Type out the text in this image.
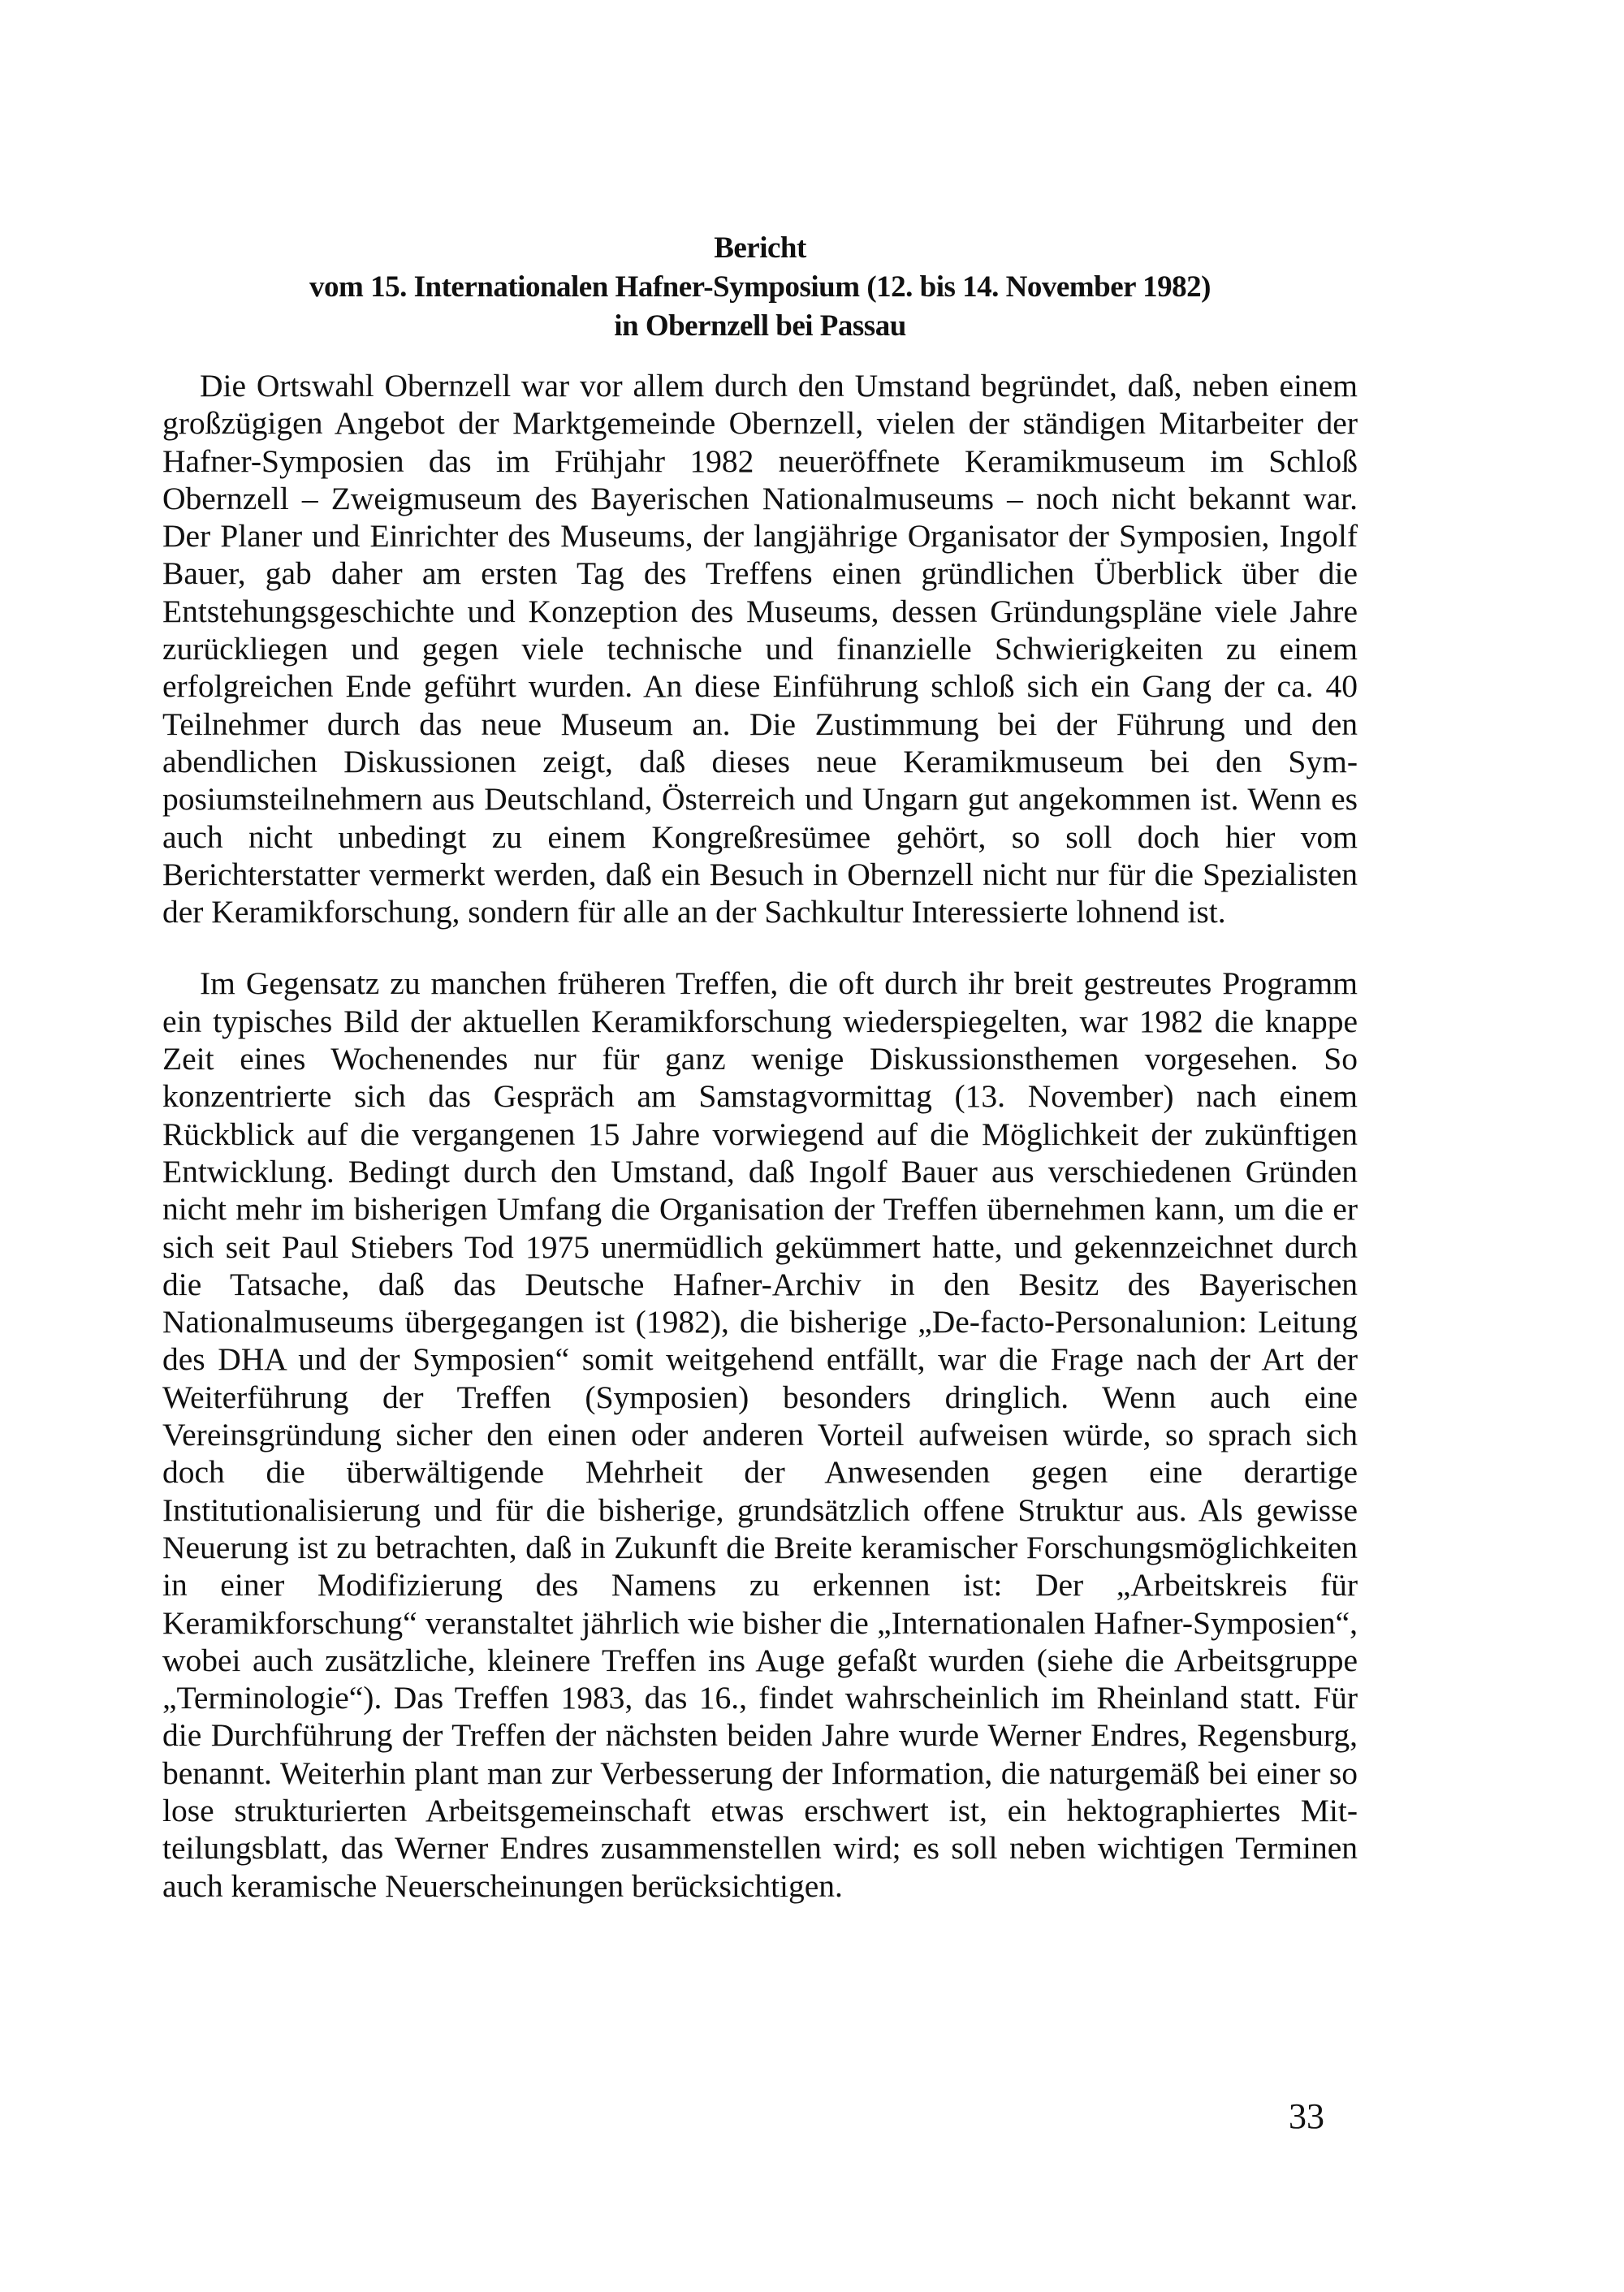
Bericht
vom 15. Internationalen Hafner-Symposium (12. bis 14. November 1982)
in Obernzell bei Passau

Die Ortswahl Obernzell war vor allem durch den Umstand begründet, daß, neben einem großzügigen Angebot der Marktgemeinde Obernzell, vielen der ständigen Mitarbeiter der Hafner-Symposien das im Frühjahr 1982 neueröffnete Keramikmuseum im Schloß Obernzell – Zweigmuseum des Bayerischen Nationalmuseums – noch nicht bekannt war. Der Planer und Einrichter des Museums, der langjährige Organisator der Symposien, Ingolf Bauer, gab daher am ersten Tag des Treffens einen gründlichen Überblick über die Entstehungsgeschichte und Konzeption des Museums, dessen Gründungspläne viele Jahre zurückliegen und gegen viele technische und finanzielle Schwierigkeiten zu einem erfolgreichen Ende geführt wurden. An diese Einführung schloß sich ein Gang der ca. 40 Teilnehmer durch das neue Museum an. Die Zustimmung bei der Führung und den abendlichen Diskussionen zeigt, daß dieses neue Keramikmuseum bei den Symposiumsteilnehmern aus Deutschland, Österreich und Ungarn gut angekommen ist. Wenn es auch nicht unbedingt zu einem Kongreßresümee gehört, so soll doch hier vom Berichterstatter vermerkt werden, daß ein Besuch in Obernzell nicht nur für die Spezialisten der Keramikforschung, sondern für alle an der Sachkultur Interessierte lohnend ist.

Im Gegensatz zu manchen früheren Treffen, die oft durch ihr breit gestreutes Programm ein typisches Bild der aktuellen Keramikforschung wiederspiegelten, war 1982 die knappe Zeit eines Wochenendes nur für ganz wenige Diskussionsthemen vorgesehen. So konzentrierte sich das Gespräch am Samstagvormittag (13. November) nach einem Rückblick auf die vergangenen 15 Jahre vorwiegend auf die Möglichkeit der zukünftigen Entwicklung. Bedingt durch den Umstand, daß Ingolf Bauer aus verschiedenen Gründen nicht mehr im bisherigen Umfang die Organisation der Treffen übernehmen kann, um die er sich seit Paul Stiebers Tod 1975 unermüdlich gekümmert hatte, und gekennzeichnet durch die Tatsache, daß das Deutsche Hafner-Archiv in den Besitz des Bayerischen Nationalmuseums übergegangen ist (1982), die bisherige „De-facto-Personalunion: Leitung des DHA und der Symposien“ somit weitgehend entfällt, war die Frage nach der Art der Weiterführung der Treffen (Symposien) besonders dringlich. Wenn auch eine Vereinsgründung sicher den einen oder anderen Vorteil aufweisen würde, so sprach sich doch die überwältigende Mehrheit der Anwesenden gegen eine derartige Institutionalisierung und für die bisherige, grundsätzlich offene Struktur aus. Als gewisse Neuerung ist zu betrachten, daß in Zukunft die Breite keramischer Forschungsmöglichkeiten in einer Modifizierung des Namens zu erkennen ist: Der „Arbeitskreis für Keramikforschung“ veranstaltet jährlich wie bisher die „Internationalen Hafner-Symposien“, wobei auch zusätzliche, kleinere Treffen ins Auge gefaßt wurden (siehe die Arbeitsgruppe „Terminologie“). Das Treffen 1983, das 16., findet wahrscheinlich im Rheinland statt. Für die Durchführung der Treffen der nächsten beiden Jahre wurde Werner Endres, Regensburg, benannt. Weiterhin plant man zur Verbesserung der Information, die naturgemäß bei einer so lose strukturierten Arbeitsgemeinschaft etwas erschwert ist, ein hektographiertes Mitteilungsblatt, das Werner Endres zusammenstellen wird; es soll neben wichtigen Terminen auch keramische Neuerscheinungen berücksichtigen.

33
